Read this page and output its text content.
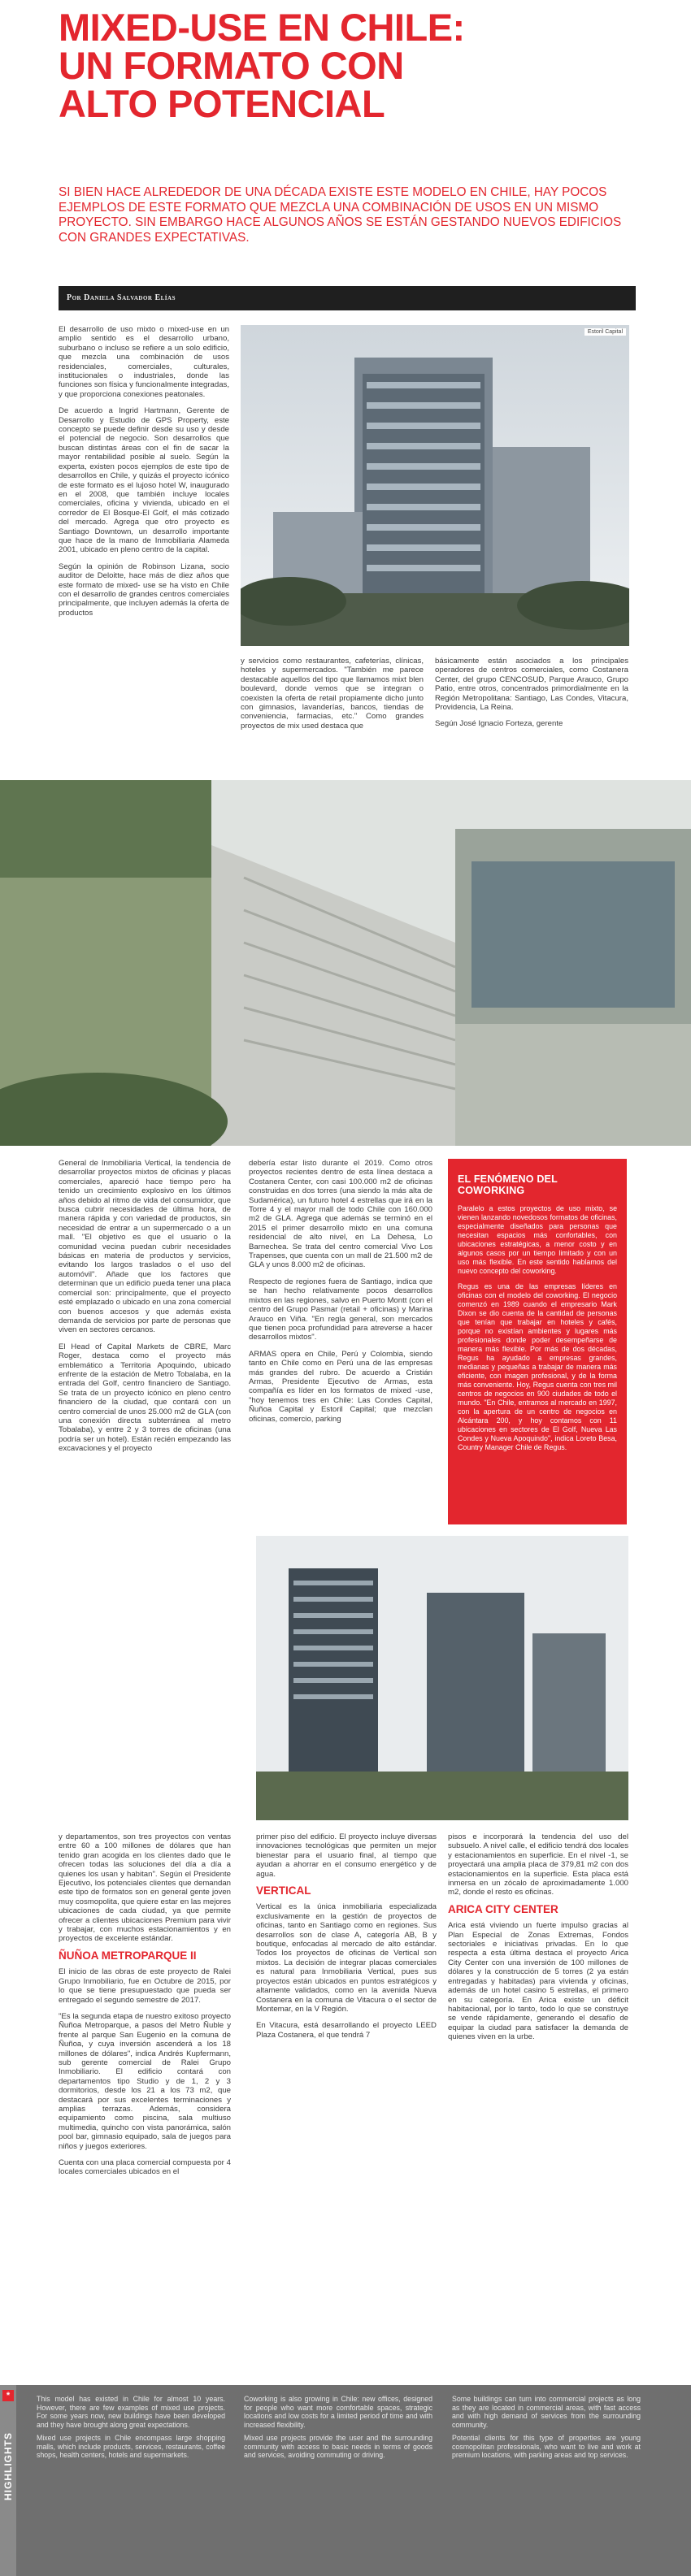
MIXED-USE EN CHILE:
UN FORMATO CON
ALTO POTENCIAL
SI BIEN HACE ALREDEDOR DE UNA DÉCADA EXISTE ESTE MODELO EN CHILE, HAY POCOS EJEMPLOS DE ESTE FORMATO QUE MEZCLA UNA COMBINACIÓN DE USOS EN UN MISMO PROYECTO. SIN EMBARGO HACE ALGUNOS AÑOS SE ESTÁN GESTANDO NUEVOS EDIFICIOS CON GRANDES EXPECTATIVAS.
Por Daniela Salvador Elías

El desarrollo de uso mixto o mixed-use en un amplio sentido es el desarrollo urbano, suburbano o incluso se refiere a un solo edificio, que mezcla una combinación de usos residenciales, comerciales, culturales, institucionales o industriales, donde las funciones son física y funcionalmente integradas, y que proporciona conexiones peatonales.

De acuerdo a Ingrid Hartmann, Gerente de Desarrollo y Estudio de GPS Property, este concepto se puede definir desde su uso y desde el potencial de negocio. Son desarrollos que buscan distintas áreas con el fin de sacar la mayor rentabilidad posible al suelo. Según la experta, existen pocos ejemplos de este tipo de desarrollos en Chile, y quizás el proyecto icónico de este formato es el lujoso hotel W, inaugurado en el 2008, que también incluye locales comerciales, oficina y vivienda, ubicado en el corredor de El Bosque-El Golf, el más cotizado del mercado. Agrega que otro proyecto es Santiago Downtown, un desarrollo importante que hace de la mano de Inmobiliaria Alameda 2001, ubicado en pleno centro de la capital.

Según la opinión de Robinson Lizana, socio auditor de Deloitte, hace más de diez años que este formato de mixed- use se ha visto en Chile con el desarrollo de grandes centros comerciales principalmente, que incluyen además la oferta de productos

Estoril Capital

y servicios como restaurantes, cafeterías, clínicas, hoteles y supermercados. "También me parece destacable aquellos del tipo que llamamos mixt blen boulevard, donde vemos que se integran o coexisten la oferta de retail propiamente dicho junto con gimnasios, lavanderías, bancos, tiendas de conveniencia, farmacias, etc." Como grandes proyectos de mix used destaca que

básicamente están asociados a los principales operadores de centros comerciales, como Costanera Center, del grupo CENCOSUD, Parque Arauco, Grupo Patio, entre otros, concentrados primordialmente en la Región Metropolitana: Santiago, Las Condes, Vitacura, Providencia, La Reina.

Según José Ignacio Forteza, gerente

General de Inmobiliaria Vertical, la tendencia de desarrollar proyectos mixtos de oficinas y placas comerciales, apareció hace tiempo pero ha tenido un crecimiento explosivo en los últimos años debido al ritmo de vida del consumidor, que busca cubrir necesidades de última hora, de manera rápida y con variedad de productos, sin necesidad de entrar a un supermercado o a un mall. "El objetivo es que el usuario o la comunidad vecina puedan cubrir necesidades básicas en materia de productos y servicios, evitando los largos traslados o el uso del automóvil". Añade que los factores que determinan que un edificio pueda tener una placa comercial son: principalmente, que el proyecto esté emplazado o ubicado en una zona comercial con buenos accesos y que además exista demanda de servicios por parte de personas que viven en sectores cercanos.

El Head of Capital Markets de CBRE, Marc Roger, destaca como el proyecto más emblemático a Territoria Apoquindo, ubicado enfrente de la estación de Metro Tobalaba, en la entrada del Golf, centro financiero de Santiago. Se trata de un proyecto icónico en pleno centro financiero de la ciudad, que contará con un centro comercial de unos 25.000 m2 de GLA (con una conexión directa subterránea al metro Tobalaba), y entre 2 y 3 torres de oficinas (una podría ser un hotel). Están recién empezando las excavaciones y el proyecto

debería estar listo durante el 2019. Como otros proyectos recientes dentro de esta línea destaca a Costanera Center, con casi 100.000 m2 de oficinas construidas en dos torres (una siendo la más alta de Sudamérica), un futuro hotel 4 estrellas que irá en la Torre 4 y el mayor mall de todo Chile con 160.000 m2 de GLA. Agrega que además se terminó en el 2015 el primer desarrollo mixto en una comuna residencial de alto nivel, en La Dehesa, Lo Barnechea. Se trata del centro comercial Vivo Los Trapenses, que cuenta con un mall de 21.500 m2 de GLA y unos 8.000 m2 de oficinas.

Respecto de regiones fuera de Santiago, indica que se han hecho relativamente pocos desarrollos mixtos en las regiones, salvo en Puerto Montt (con el centro del Grupo Pasmar (retail + oficinas) y Marina Arauco en Viña. "En regla general, son mercados que tienen poca profundidad para atreverse a hacer desarrollos mixtos".

ARMAS opera en Chile, Perú y Colombia, siendo tanto en Chile como en Perú una de las empresas más grandes del rubro. De acuerdo a Cristián Armas, Presidente Ejecutivo de Armas, esta compañía es líder en los formatos de mixed -use, "hoy tenemos tres en Chile: Las Condes Capital, Ñuñoa Capital y Estoril Capital; que mezclan oficinas, comercio, parking

EL FENÓMENO DEL COWORKING

Paralelo a estos proyectos de uso mixto, se vienen lanzando novedosos formatos de oficinas, especialmente diseñados para personas que necesitan espacios más confortables, con ubicaciones estratégicas, a menor costo y en algunos casos por un tiempo limitado y con un uso más flexible. En este sentido hablamos del nuevo concepto del coworking.

Regus es una de las empresas líderes en oficinas con el modelo del coworking. El negocio comenzó en 1989 cuando el empresario Mark Dixon se dio cuenta de la cantidad de personas que tenían que trabajar en hoteles y cafés, porque no existían ambientes y lugares más profesionales donde poder desempeñarse de manera más flexible. Por más de dos décadas, Regus ha ayudado a empresas grandes, medianas y pequeñas a trabajar de manera más eficiente, con imagen profesional, y de la forma más conveniente. Hoy, Regus cuenta con tres mil centros de negocios en 900 ciudades de todo el mundo. "En Chile, entramos al mercado en 1997, con la apertura de un centro de negocios en Alcántara 200, y hoy contamos con 11 ubicaciones en sectores de El Golf, Nueva Las Condes y Nueva Apoquindo", indica Loreto Besa, Country Manager Chile de Regus.

y departamentos, son tres proyectos con ventas entre 60 a 100 millones de dólares que han tenido gran acogida en los clientes dado que le ofrecen todas las soluciones del día a día a quienes los usan y habitan". Según el Presidente Ejecutivo, los potenciales clientes que demandan este tipo de formatos son en general gente joven muy cosmopolita, que quiere estar en las mejores ubicaciones de cada ciudad, ya que permite ofrecer a clientes ubicaciones Premium para vivir y trabajar, con muchos estacionamientos y en proyectos de excelente estándar.

ÑUÑOA METROPARQUE II

El inicio de las obras de este proyecto de Ralei Grupo Inmobiliario, fue en Octubre de 2015, por lo que se tiene presupuestado que pueda ser entregado el segundo semestre de 2017.

"Es la segunda etapa de nuestro exitoso proyecto Ñuñoa Metroparque, a pasos del Metro Ñuble y frente al parque San Eugenio en la comuna de Ñuñoa, y cuya inversión ascenderá a los 18 millones de dólares", indica Andrés Kupfermann, sub gerente comercial de Ralei Grupo Inmobiliario. El edificio contará con departamentos tipo Studio y de 1, 2 y 3 dormitorios, desde los 21 a los 73 m2, que destacará por sus excelentes terminaciones y amplias terrazas. Además, considera equipamiento como piscina, sala multiuso multimedia, quincho con vista panorámica, salón pool bar, gimnasio equipado, sala de juegos para niños y juegos exteriores.

Cuenta con una placa comercial compuesta por 4 locales comerciales ubicados en el

primer piso del edificio. El proyecto incluye diversas innovaciones tecnológicas que permiten un mejor bienestar para el usuario final, al tiempo que ayudan a ahorrar en el consumo energético y de agua.

VERTICAL

Vertical es la única inmobiliaria especializada exclusivamente en la gestión de proyectos de oficinas, tanto en Santiago como en regiones. Sus desarrollos son de clase A, categoría AB, B y boutique, enfocadas al mercado de alto estándar. Todos los proyectos de oficinas de Vertical son mixtos. La decisión de integrar placas comerciales es natural para Inmobiliaria Vertical, pues sus proyectos están ubicados en puntos estratégicos y altamente validados, como en la avenida Nueva Costanera en la comuna de Vitacura o el sector de Montemar, en la V Región.

En Vitacura, está desarrollando el proyecto LEED Plaza Costanera, el que tendrá 7

pisos e incorporará la tendencia del uso del subsuelo. A nivel calle, el edificio tendrá dos locales y estacionamientos en superficie. En el nivel -1, se proyectará una amplia placa de 379,81 m2 con dos estacionamientos en la superficie. Esta placa está inmersa en un zócalo de aproximadamente 1.000 m2, donde el resto es oficinas.

ARICA CITY CENTER

Arica está viviendo un fuerte impulso gracias al Plan Especial de Zonas Extremas, Fondos sectoriales e iniciativas privadas. En lo que respecta a esta última destaca el proyecto Arica City Center con una inversión de 100 millones de dólares y la construcción de 5 torres (2 ya están entregadas y habitadas) para vivienda y oficinas, además de un hotel casino 5 estrellas, el primero en su categoría. En Arica existe un déficit habitacional, por lo tanto, todo lo que se construye se vende rápidamente, generando el desafío de equipar la ciudad para satisfacer la demanda de quienes viven en la urbe.

*
HIGHLIGHTS

This model has existed in Chile for almost 10 years. However, there are few examples of mixed use projects. For some years now, new buildings have been developed and they have brought along great expectations.

Mixed use projects in Chile encompass large shopping malls, which include products, services, restaurants, coffee shops, health centers, hotels and supermarkets.

Coworking is also growing in Chile: new offices, designed for people who want more comfortable spaces, strategic locations and low costs for a limited period of time and with increased flexibility.

Mixed use projects provide the user and the surrounding community with access to basic needs in terms of goods and services, avoiding commuting or driving.

Some buildings can turn into commercial projects as long as they are located in commercial areas, with fast access and with high demand of services from the surrounding community.

Potential clients for this type of properties are young cosmopolitan professionals, who want to live and work at premium locations, with parking areas and top services.
